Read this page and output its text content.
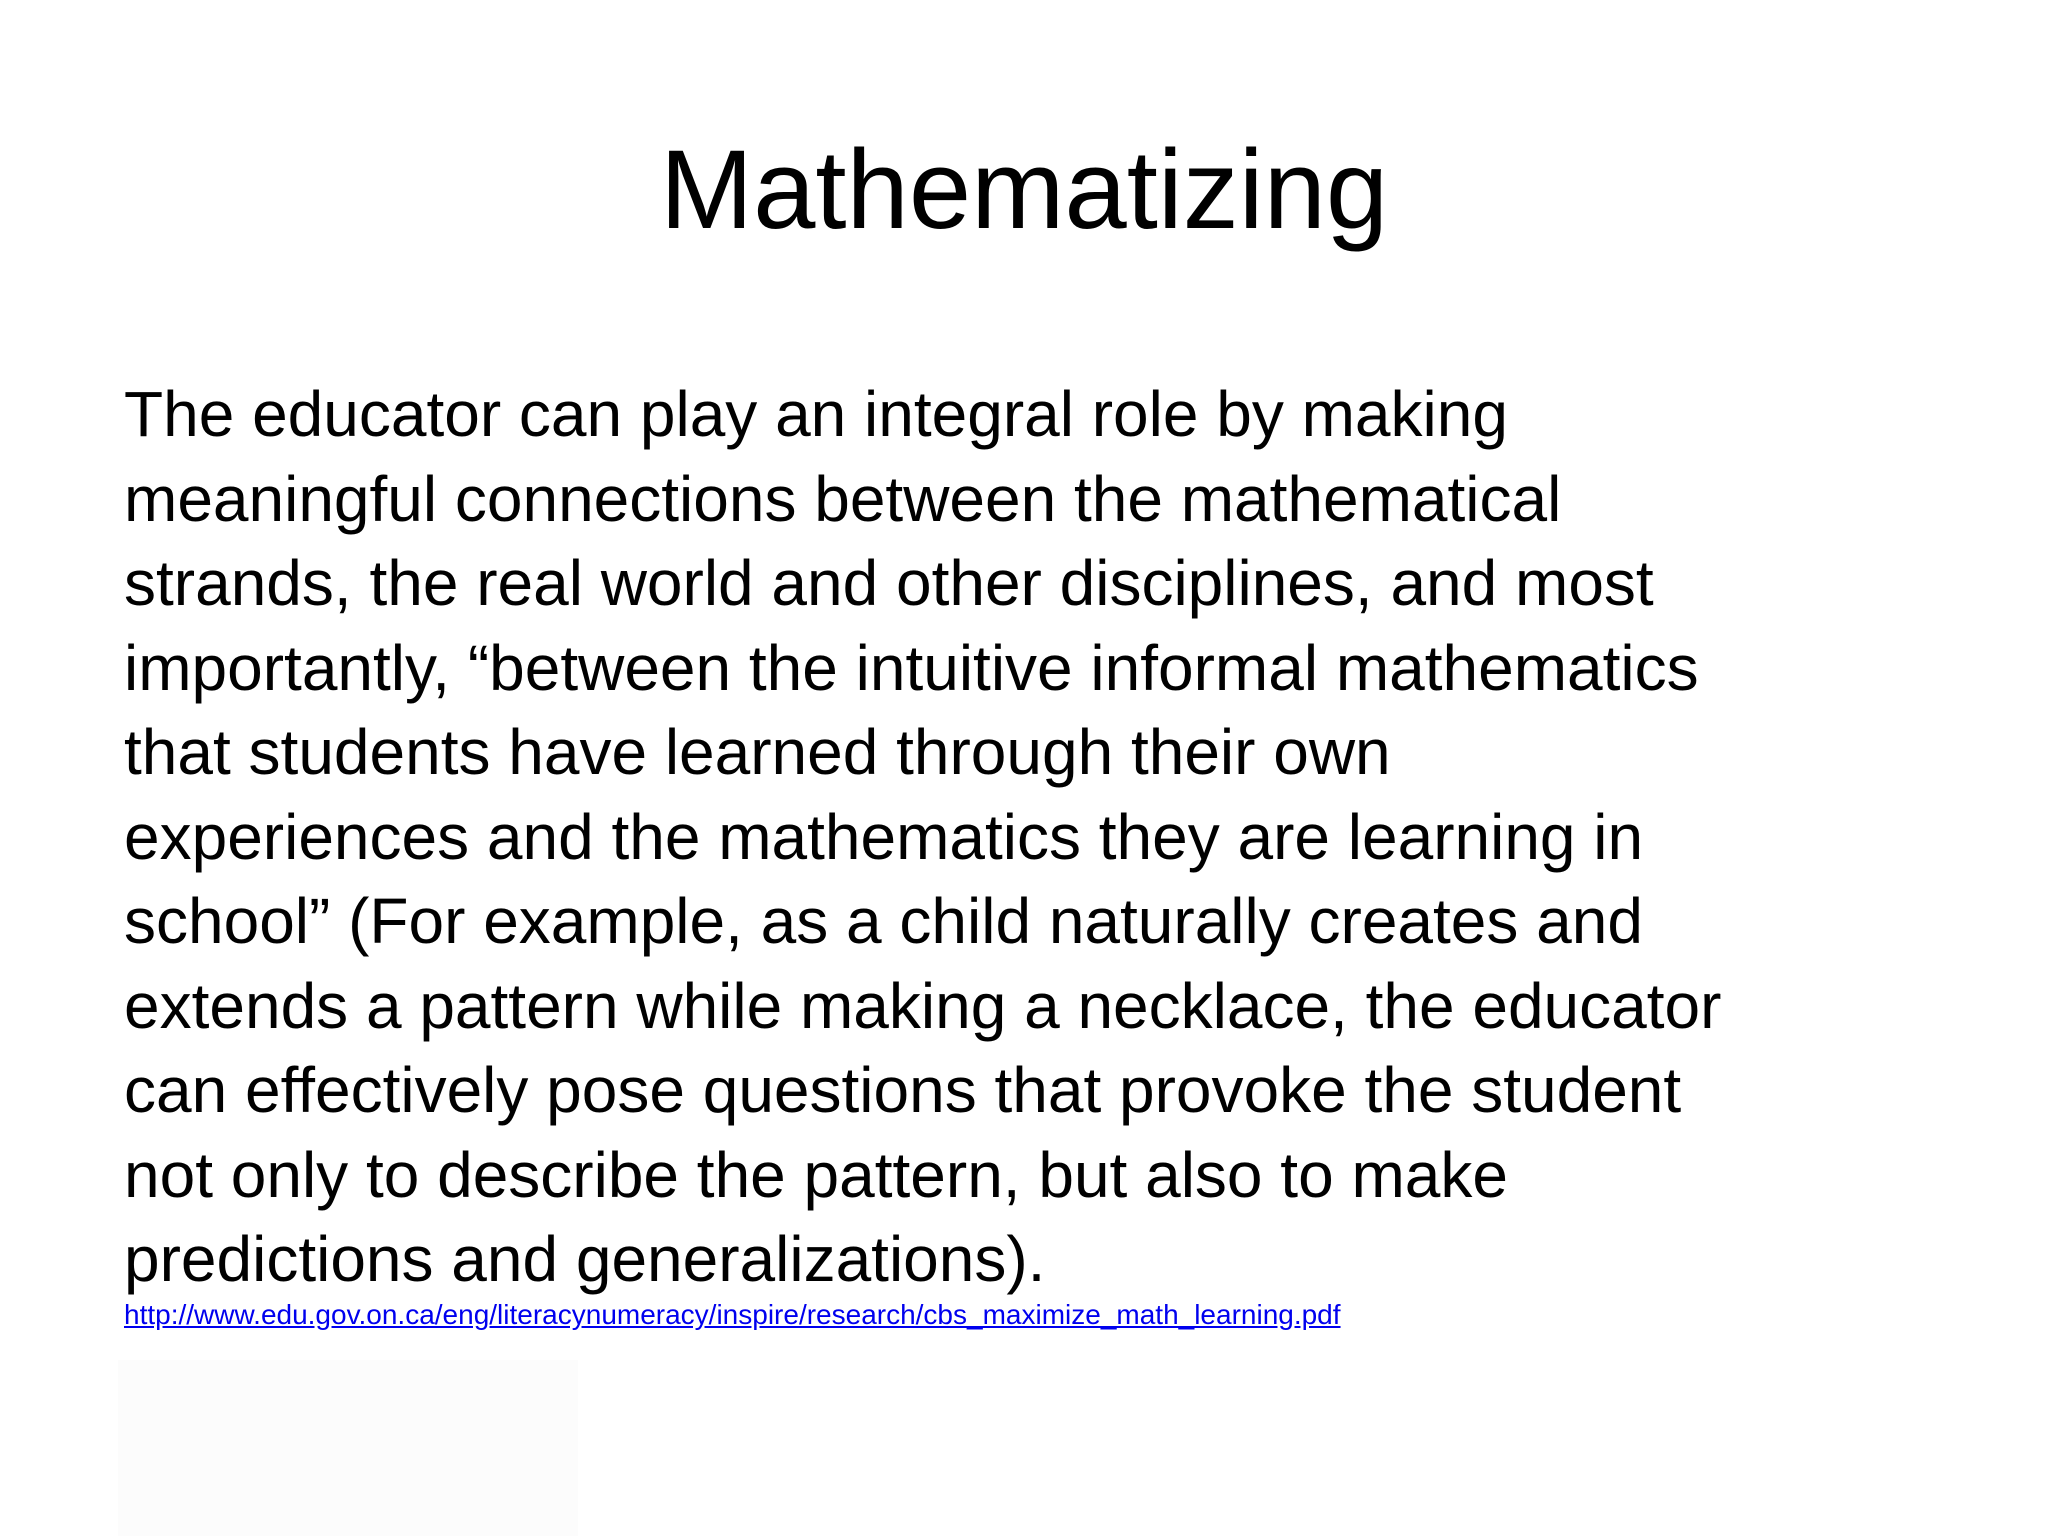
Mathematizing
The educator can play an integral role by making
meaningful connections between the mathematical
strands, the real world and other disciplines, and most
importantly, “between the intuitive informal mathematics
that students have learned through their own
experiences and the mathematics they are learning in
school” (For example, as a child naturally creates and
extends a pattern while making a necklace, the educator
can effectively pose questions that provoke the student
not only to describe the pattern, but also to make
predictions and generalizations).
http://www.edu.gov.on.ca/eng/literacynumeracy/inspire/research/cbs_maximize_math_learning.pdf
